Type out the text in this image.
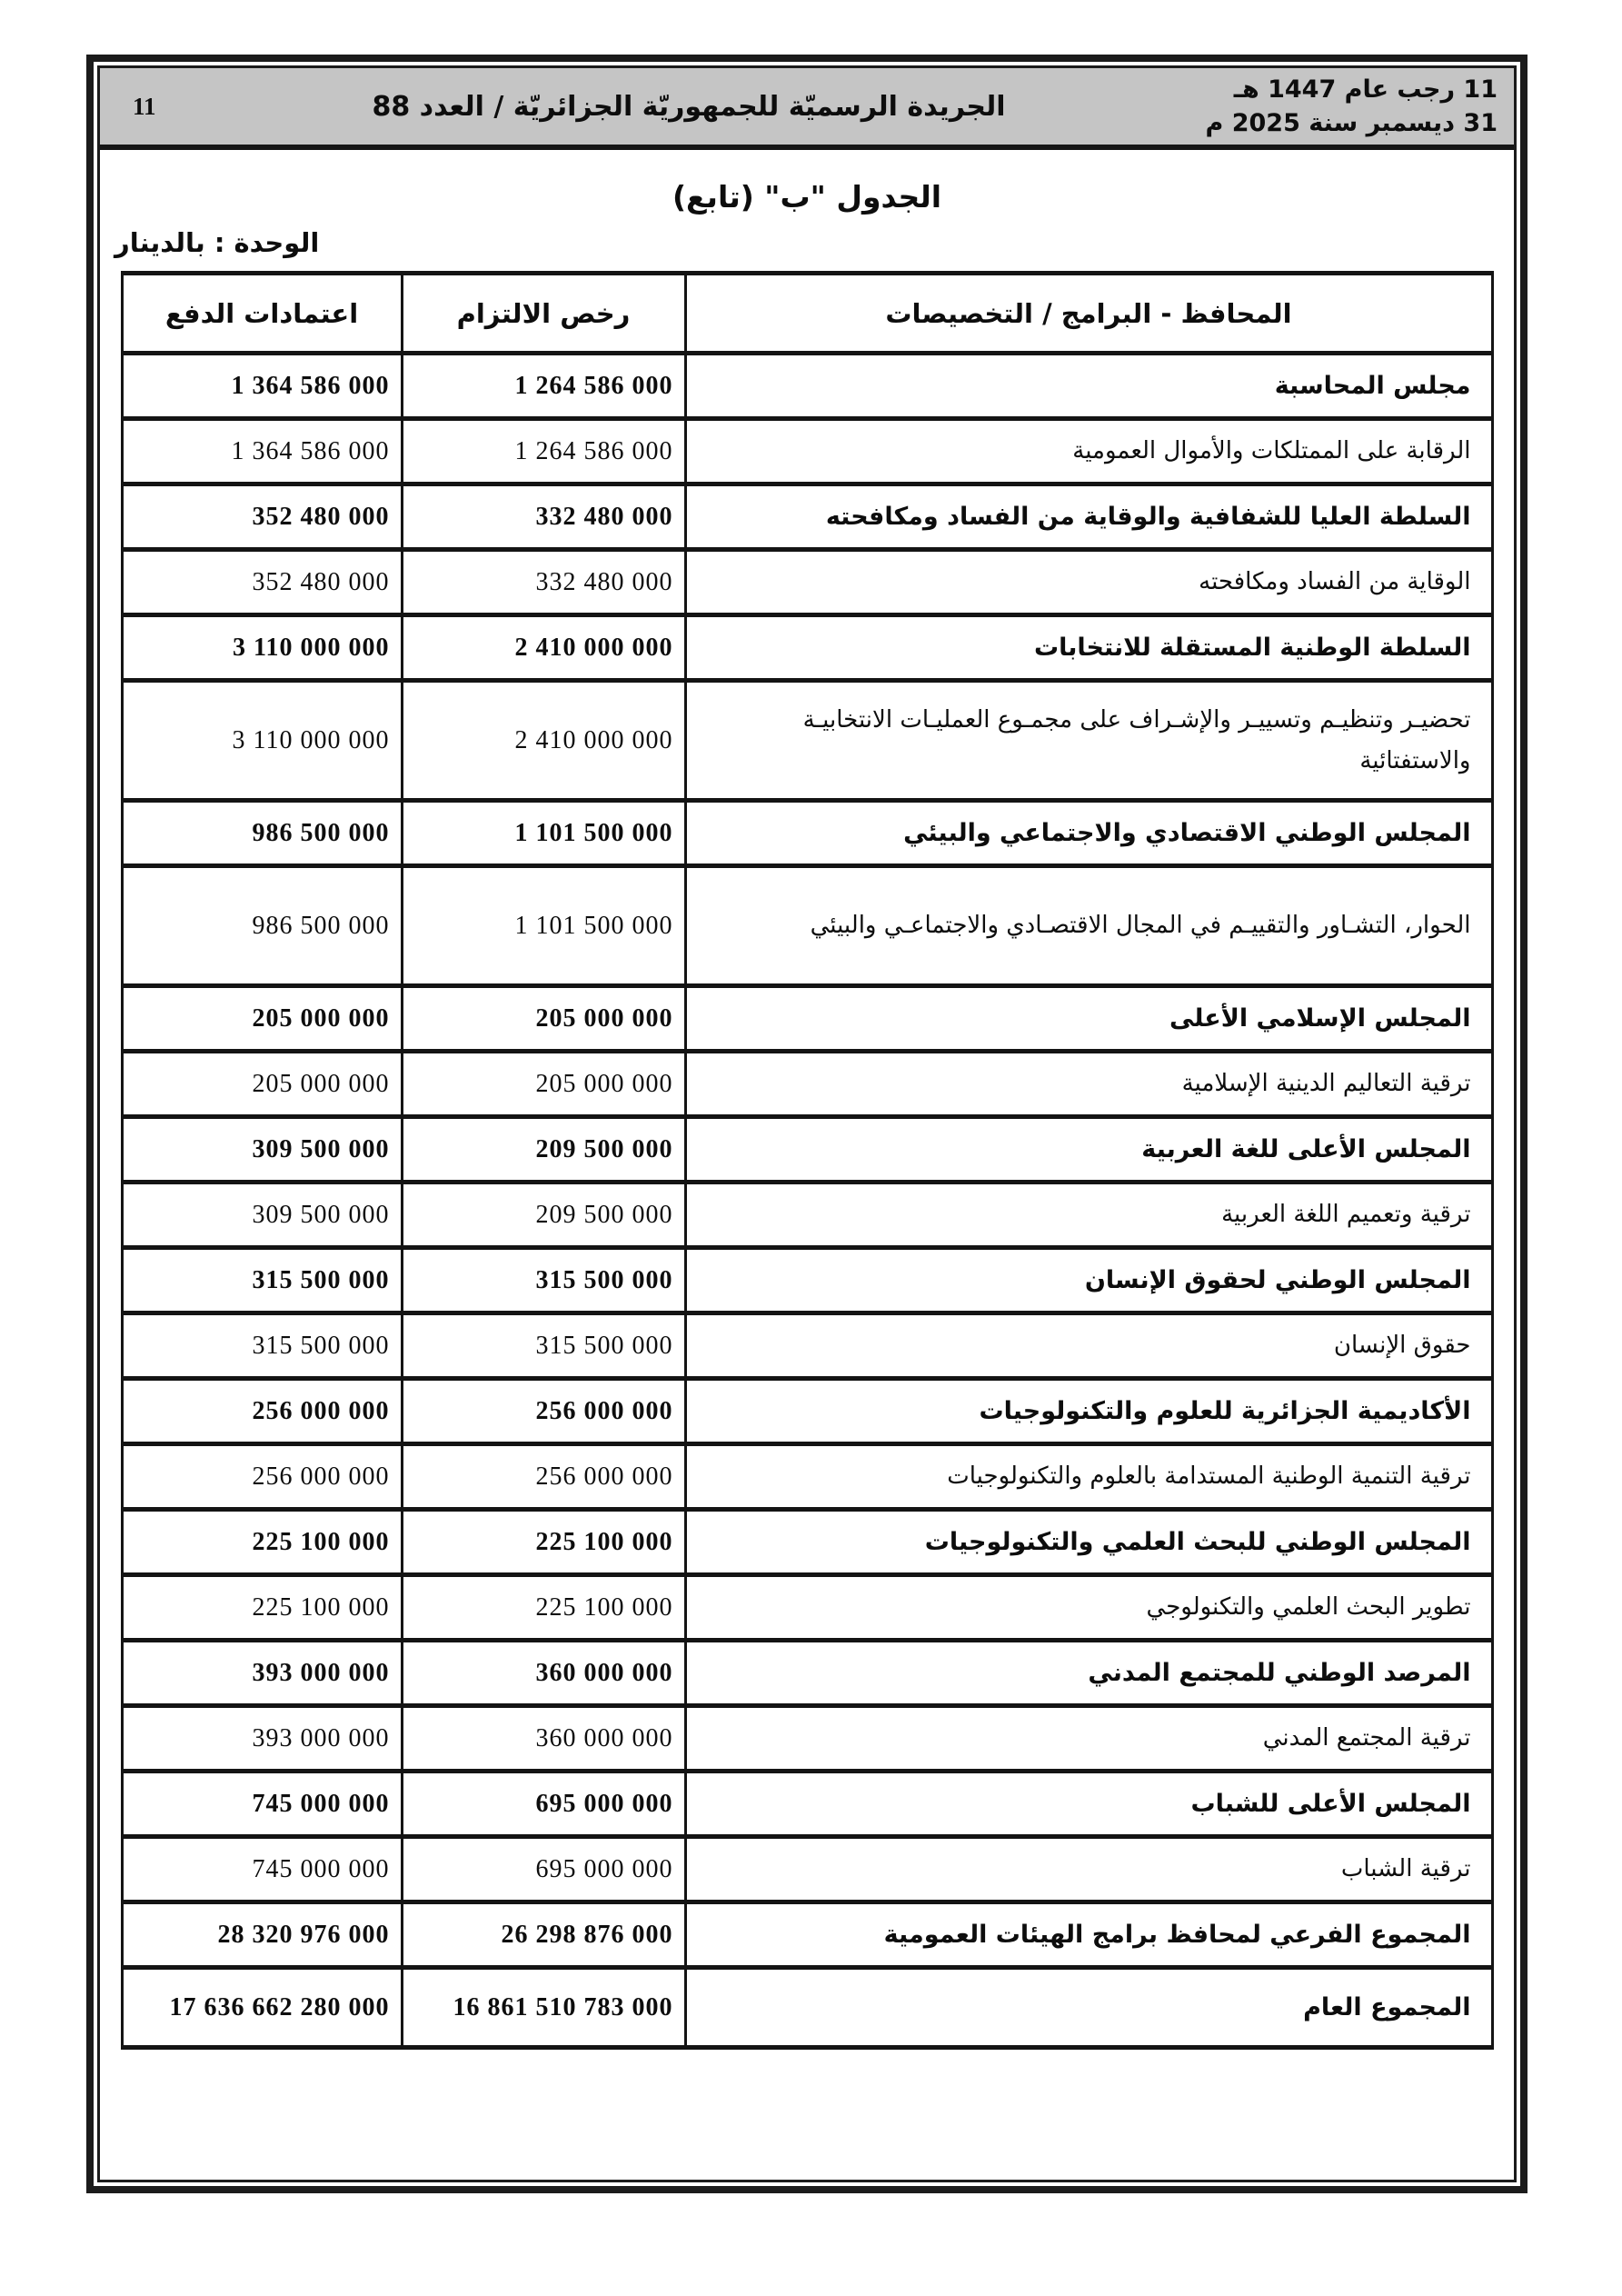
11 رجب عام 1447 هـ
31 ديسمبر سنة 2025 م
الجريدة الرسميّة للجمهوريّة الجزائريّة / العدد 88
11
الجدول "ب" (تابع)
الوحدة : بالدينار
المحافظ - البرامج / التخصيصات	رخص الالتزام	اعتمادات الدفع
مجلس المحاسبة	1 264 586 000	1 364 586 000
الرقابة على الممتلكات والأموال العمومية	1 264 586 000	1 364 586 000
السلطة العليا للشفافية والوقاية من الفساد ومكافحته	332 480 000	352 480 000
الوقاية من الفساد ومكافحته	332 480 000	352 480 000
السلطة الوطنية المستقلة للانتخابات	2 410 000 000	3 110 000 000
تحضيـر وتنظيـم وتسييـر والإشـراف على مجمـوع العمليـات الانتخابيـة والاستفتائية	2 410 000 000	3 110 000 000
المجلس الوطني الاقتصادي والاجتماعي والبيئي	1 101 500 000	986 500 000
الحوار، التشـاور والتقييـم في المجال الاقتصـادي والاجتماعـي والبيئي	1 101 500 000	986 500 000
المجلس الإسلامي الأعلى	205 000 000	205 000 000
ترقية التعاليم الدينية الإسلامية	205 000 000	205 000 000
المجلس الأعلى للغة العربية	209 500 000	309 500 000
ترقية وتعميم اللغة العربية	209 500 000	309 500 000
المجلس الوطني لحقوق الإنسان	315 500 000	315 500 000
حقوق الإنسان	315 500 000	315 500 000
الأكاديمية الجزائرية للعلوم والتكنولوجيات	256 000 000	256 000 000
ترقية التنمية الوطنية المستدامة بالعلوم والتكنولوجيات	256 000 000	256 000 000
المجلس الوطني للبحث العلمي والتكنولوجيات	225 100 000	225 100 000
تطوير البحث العلمي والتكنولوجي	225 100 000	225 100 000
المرصد الوطني للمجتمع المدني	360 000 000	393 000 000
ترقية المجتمع المدني	360 000 000	393 000 000
المجلس الأعلى للشباب	695 000 000	745 000 000
ترقية الشباب	695 000 000	745 000 000
المجموع الفرعي لمحافظ برامج الهيئات العمومية	26 298 876 000	28 320 976 000
المجموع العام	16 861 510 783 000	17 636 662 280 000
